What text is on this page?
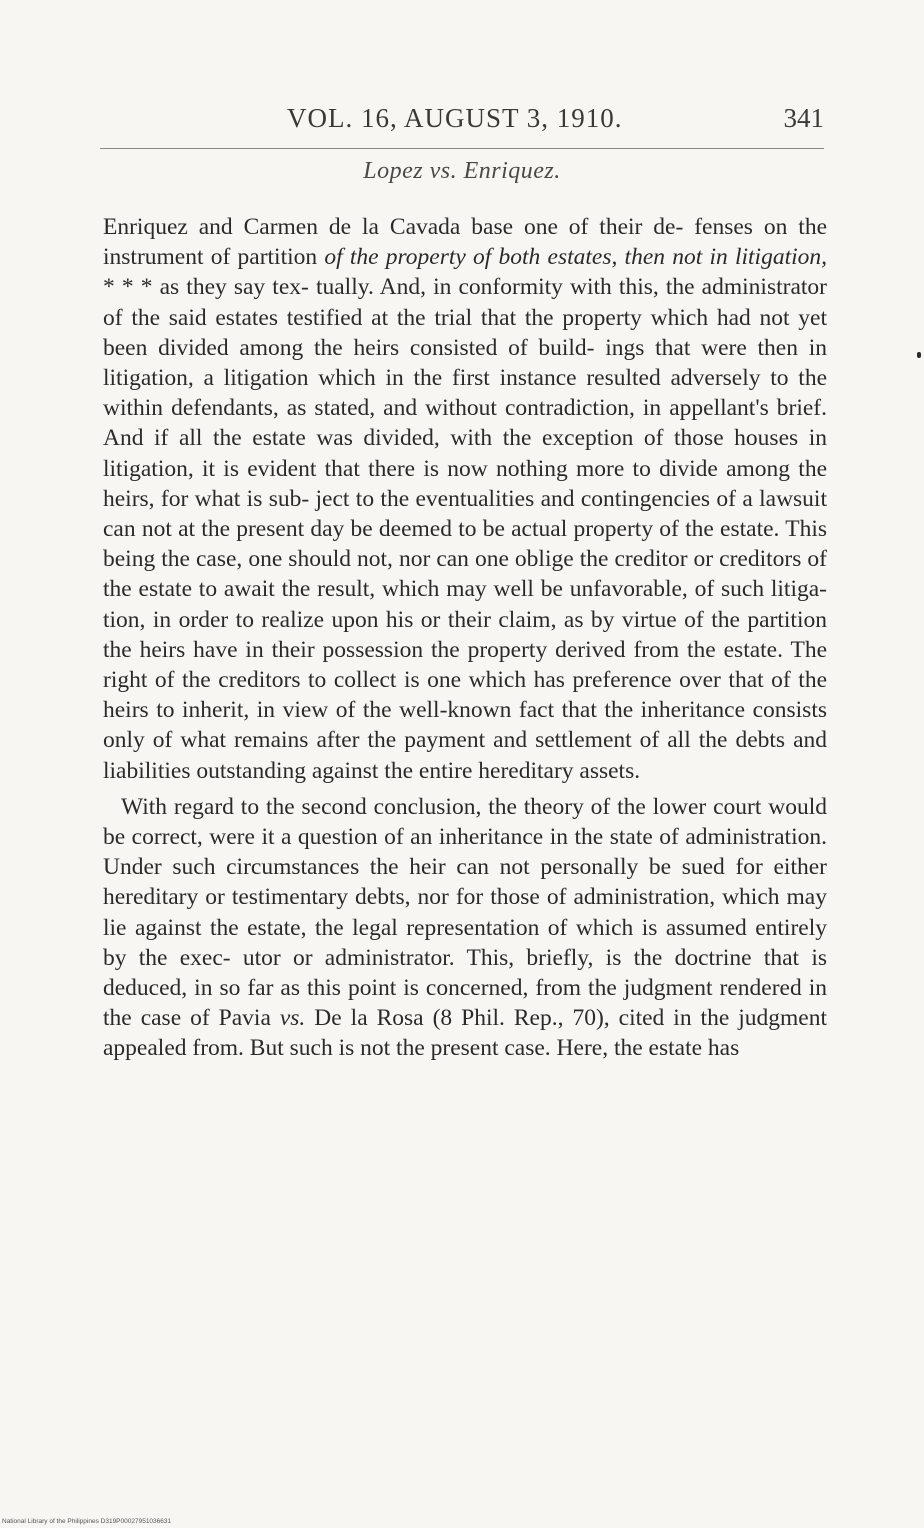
VOL. 16, AUGUST 3, 1910.	341
Lopez vs. Enriquez.

Enriquez and Carmen de la Cavada base one of their de- fenses on the instrument of partition of the property of both estates, then not in litigation, * * * as they say tex- tually. And, in conformity with this, the administrator of the said estates testified at the trial that the property which had not yet been divided among the heirs consisted of build- ings that were then in litigation, a litigation which in the first instance resulted adversely to the within defendants, as stated, and without contradiction, in appellant's brief. And if all the estate was divided, with the exception of those houses in litigation, it is evident that there is now nothing more to divide among the heirs, for what is sub- ject to the eventualities and contingencies of a lawsuit can not at the present day be deemed to be actual property of the estate. This being the case, one should not, nor can one oblige the creditor or creditors of the estate to await the result, which may well be unfavorable, of such litiga- tion, in order to realize upon his or their claim, as by virtue of the partition the heirs have in their possession the property derived from the estate. The right of the creditors to collect is one which has preference over that of the heirs to inherit, in view of the well-known fact that the inheritance consists only of what remains after the payment and settlement of all the debts and liabilities outstanding against the entire hereditary assets.

With regard to the second conclusion, the theory of the lower court would be correct, were it a question of an inheritance in the state of administration. Under such circumstances the heir can not personally be sued for either hereditary or testimentary debts, nor for those of administration, which may lie against the estate, the legal representation of which is assumed entirely by the exec- utor or administrator. This, briefly, is the doctrine that is deduced, in so far as this point is concerned, from the judgment rendered in the case of Pavia vs. De la Rosa (8 Phil. Rep., 70), cited in the judgment appealed from. But such is not the present case. Here, the estate has

National Library of the Philippines D319P00027951036631
